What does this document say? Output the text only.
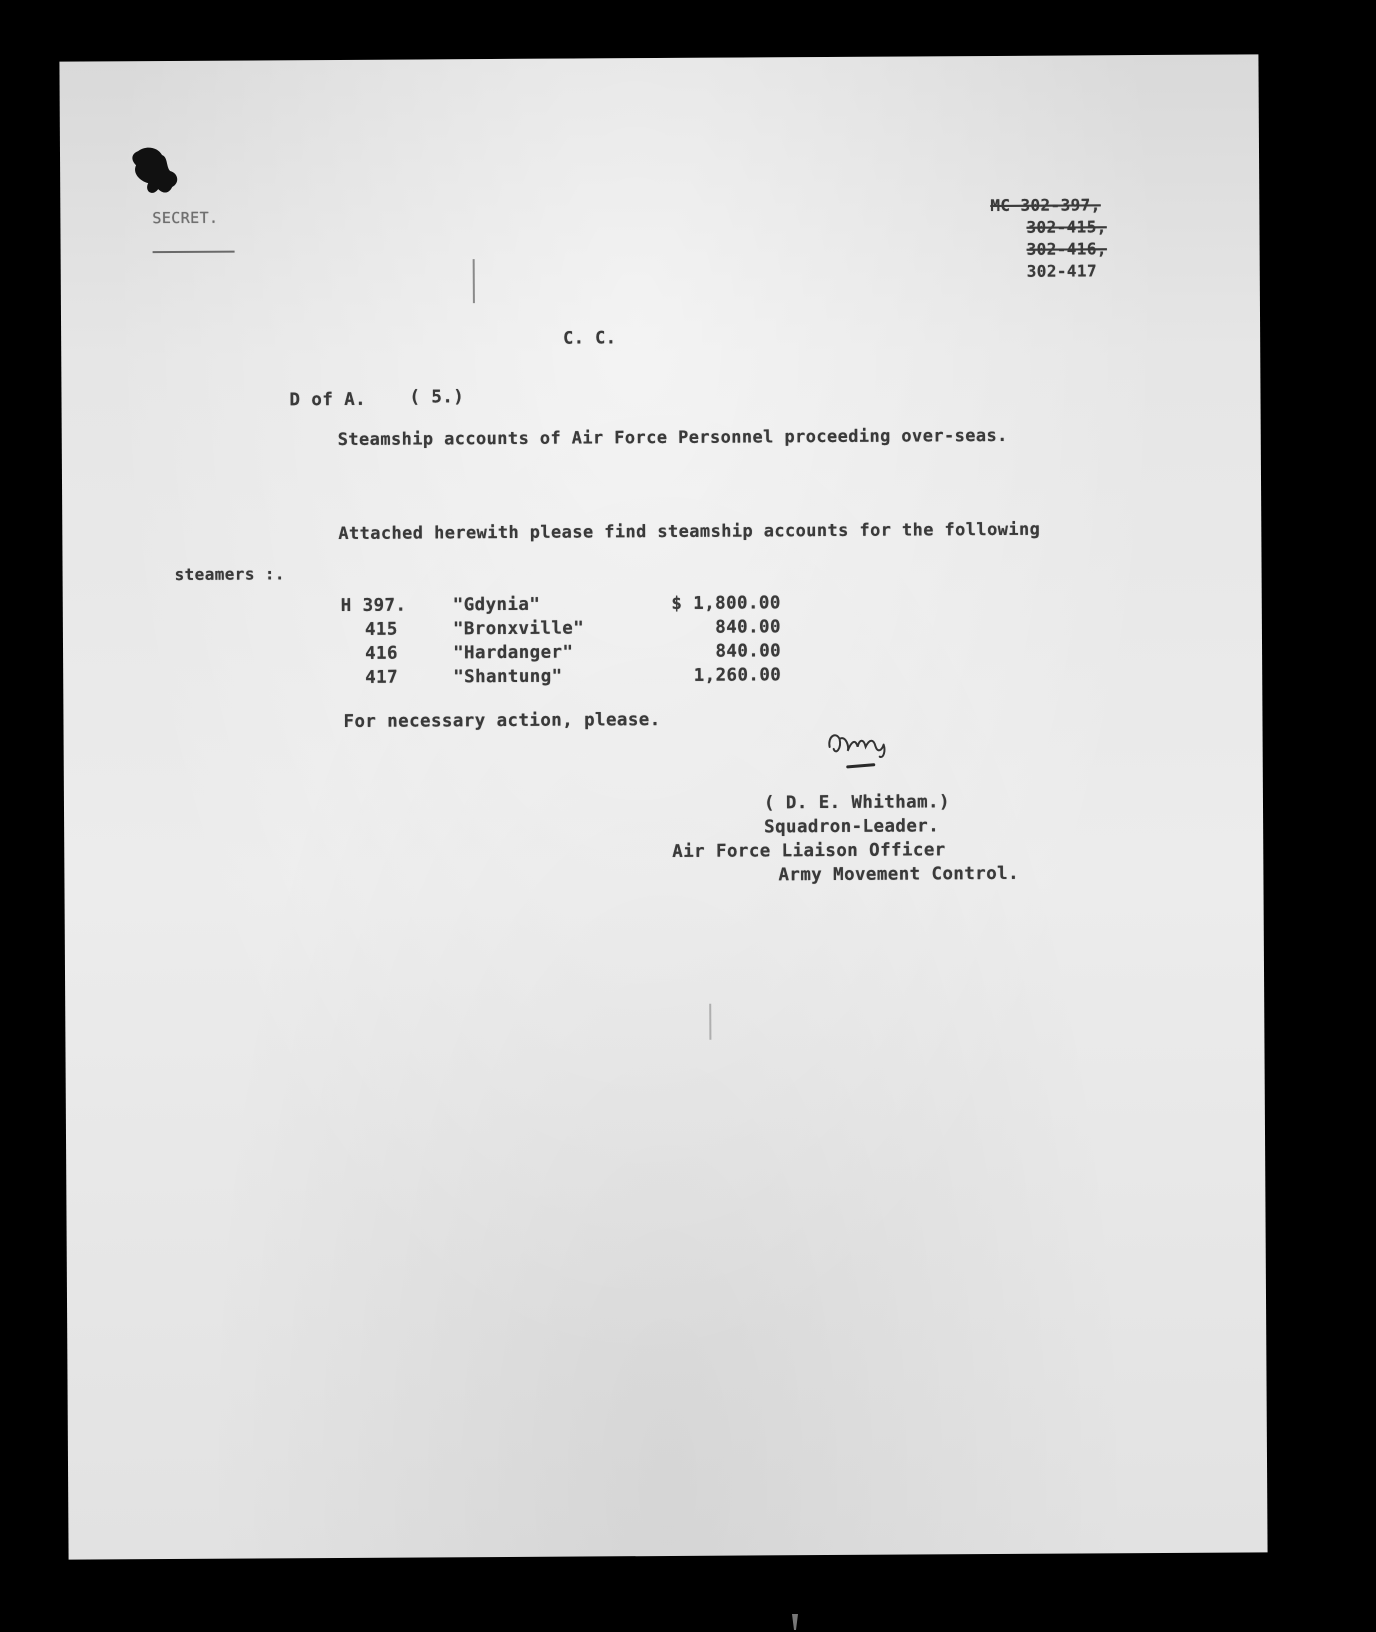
SECRET.
MC 302-397,
302-415,
302-416,
302-417
C. C.
D of A. ( 5.)
Steamship accounts of Air Force Personnel proceeding over-seas.
Attached herewith please find steamship accounts for the following
steamers :.
H 397.	"Gdynia"	$ 1,800.00
415	"Bronxville"	840.00
416	"Hardanger"	840.00
417	"Shantung"	1,260.00
For necessary action, please.
( D. E. Whitham.)
Squadron-Leader.
Air Force Liaison Officer
Army Movement Control.
